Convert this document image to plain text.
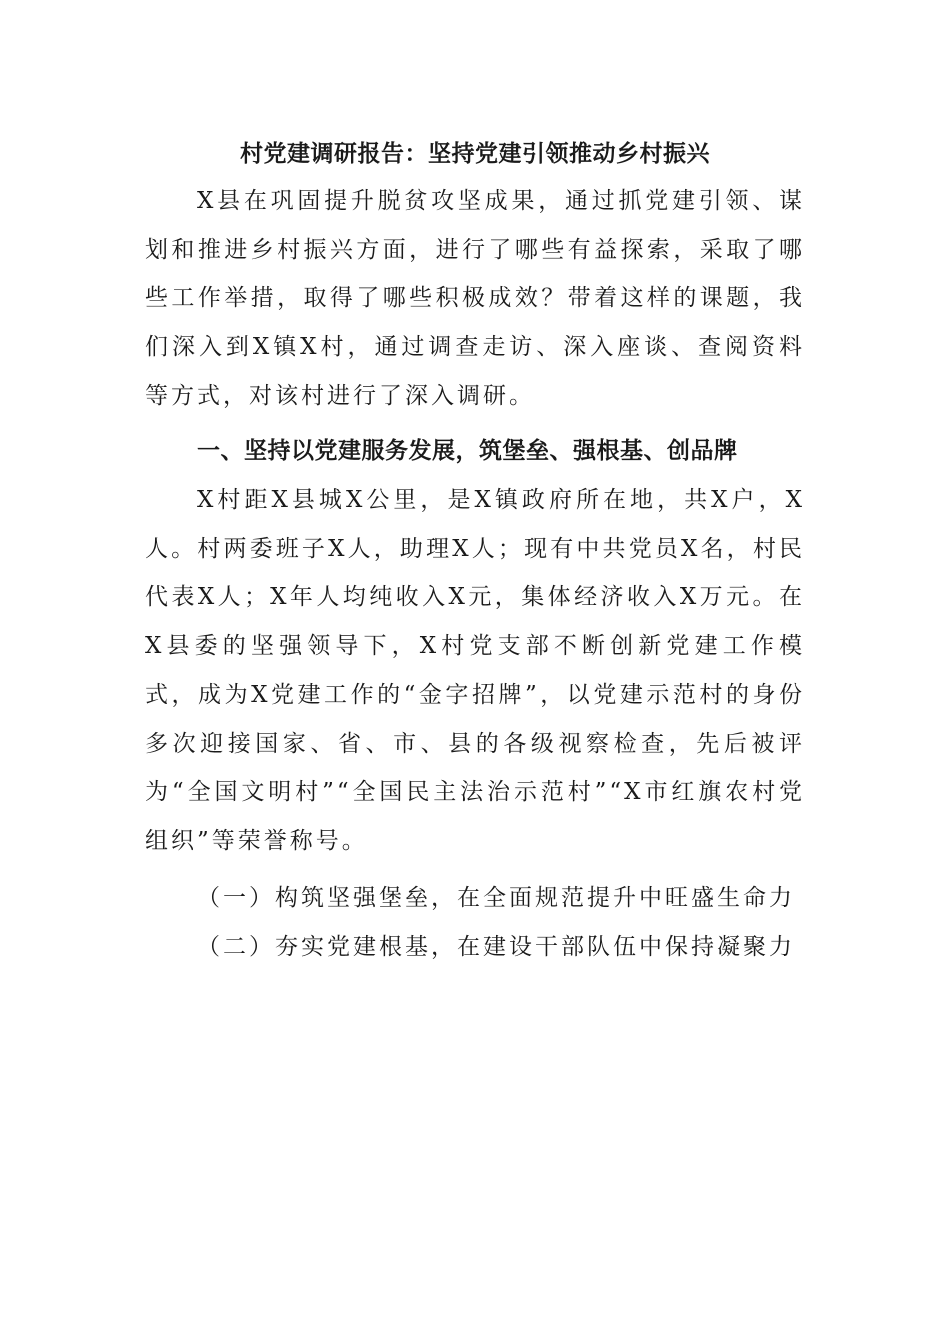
村党建调研报告：坚持党建引领推动乡村振兴

X县在巩固提升脱贫攻坚成果，通过抓党建引领、谋划和推进乡村振兴方面，进行了哪些有益探索，采取了哪些工作举措，取得了哪些积极成效？带着这样的课题，我们深入到X镇X村，通过调查走访、深入座谈、查阅资料等方式，对该村进行了深入调研。

一、坚持以党建服务发展，筑堡垒、强根基、创品牌

X村距X县城X公里，是X镇政府所在地，共X户，X人。村两委班子X人，助理X人；现有中共党员X名，村民代表X人；X年人均纯收入X元，集体经济收入X万元。在X县委的坚强领导下，X村党支部不断创新党建工作模式，成为X党建工作的“金字招牌”，以党建示范村的身份多次迎接国家、省、市、县的各级视察检查，先后被评为“全国文明村”“全国民主法治示范村”“X市红旗农村党组织”等荣誉称号。

（一）构筑坚强堡垒，在全面规范提升中旺盛生命力

（二）夯实党建根基，在建设干部队伍中保持凝聚力
